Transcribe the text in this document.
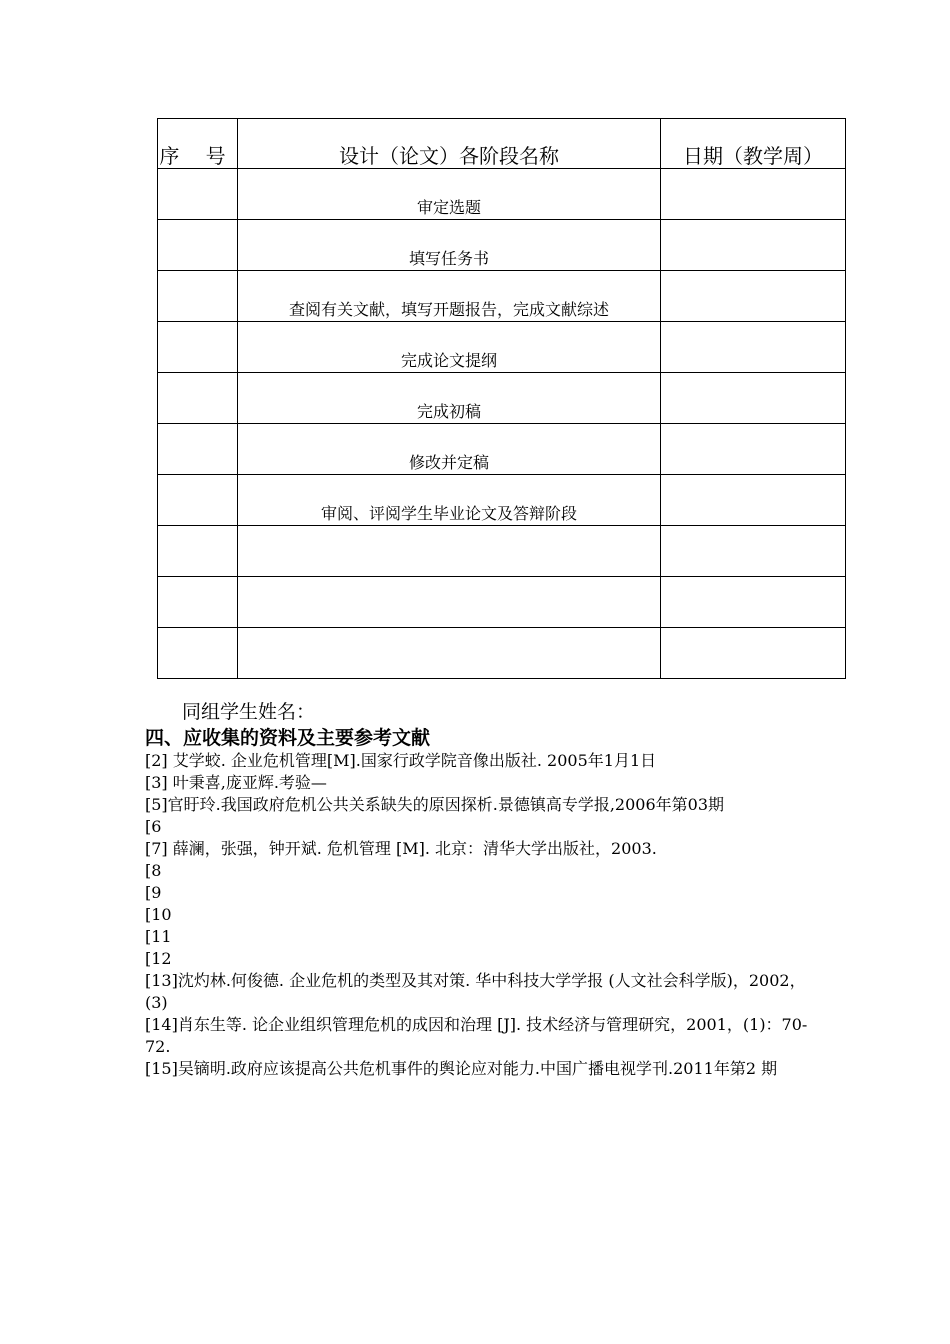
序 号	设计（论文）各阶段名称	日期（教学周）
	审定选题	
	填写任务书	
	查阅有关文献，填写开题报告，完成文献综述	
	完成论文提纲	
	完成初稿	
	修改并定稿	
	审阅、评阅学生毕业论文及答辩阶段	

同组学生姓名：
四、应收集的资料及主要参考文献

[2] 艾学蛟. 企业危机管理[M].国家行政学院音像出版社. 2005年1月1日

[3] 叶秉喜,庞亚辉.考验—

[5]官盱玲.我国政府危机公共关系缺失的原因探析.景德镇高专学报,2006年第03期

[6

[7] 薛澜，张强，钟开斌. 危机管理 [M]. 北京：清华大学出版社，2003.

[8

[9

[10

[11

[12

[13]沈灼林.何俊德. 企业危机的类型及其对策. 华中科技大学学报 (人文社会科学版)，2002，(3)

[14]肖东生等. 论企业组织管理危机的成因和治理 [J]. 技术经济与管理研究，2001，(1)：70-72.

[15]吴镝明.政府应该提高公共危机事件的舆论应对能力.中国广播电视学刊.2011年第2 期
